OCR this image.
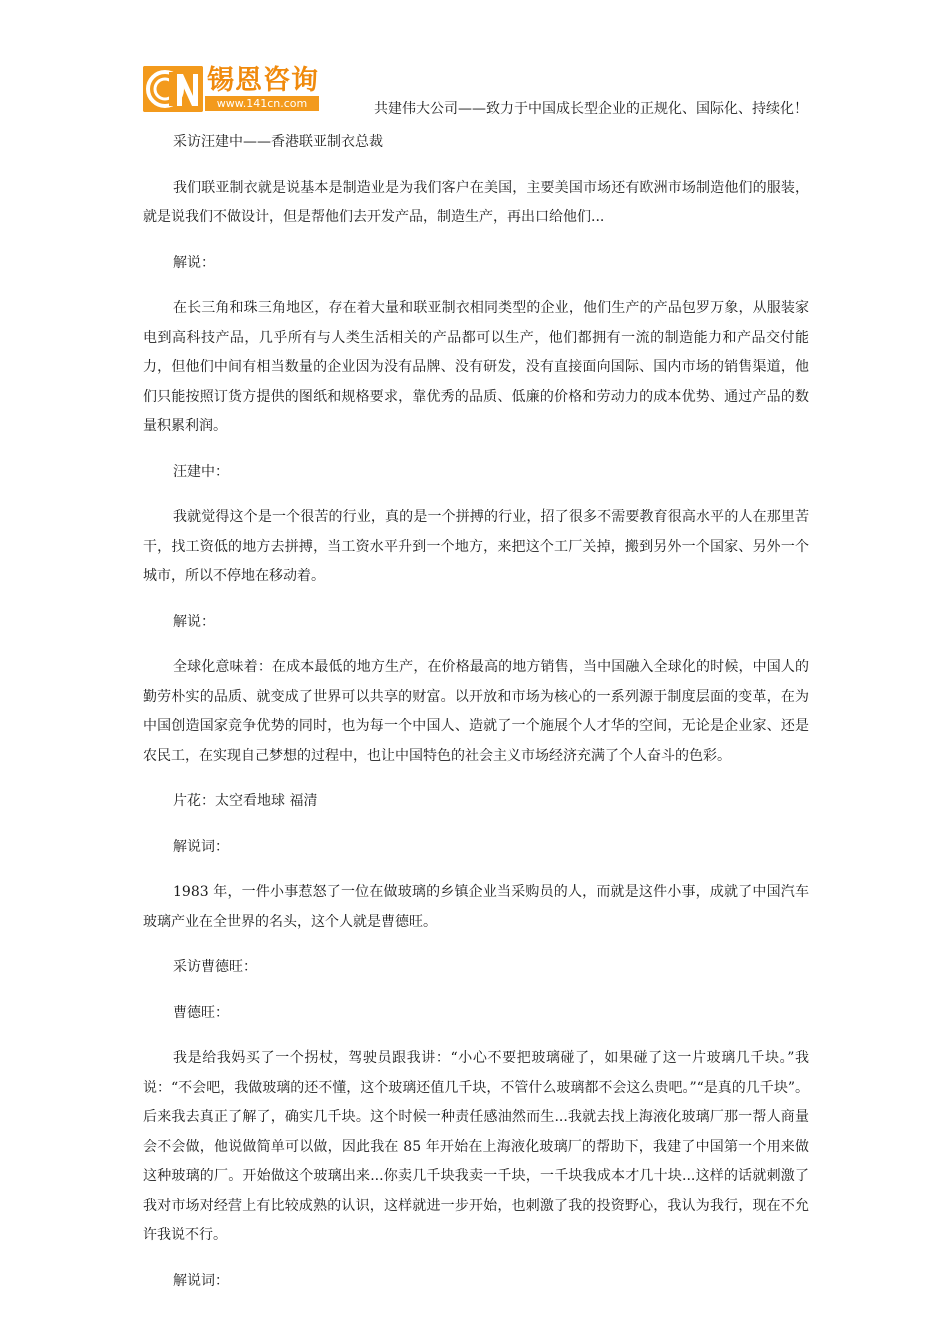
锡恩咨询
www.141cn.com	共建伟大公司——致力于中国成长型企业的正规化、国际化、持续化！

采访汪建中——香港联亚制衣总裁

我们联亚制衣就是说基本是制造业是为我们客户在美国，主要美国市场还有欧洲市场制造他们的服装，就是说我们不做设计，但是帮他们去开发产品，制造生产，再出口给他们...

解说：

在长三角和珠三角地区，存在着大量和联亚制衣相同类型的企业，他们生产的产品包罗万象，从服装家电到高科技产品，几乎所有与人类生活相关的产品都可以生产，他们都拥有一流的制造能力和产品交付能力，但他们中间有相当数量的企业因为没有品牌、没有研发，没有直接面向国际、国内市场的销售渠道，他们只能按照订货方提供的图纸和规格要求，靠优秀的品质、低廉的价格和劳动力的成本优势、通过产品的数量积累利润。

汪建中：

我就觉得这个是一个很苦的行业，真的是一个拼搏的行业，招了很多不需要教育很高水平的人在那里苦干，找工资低的地方去拼搏，当工资水平升到一个地方，来把这个工厂关掉，搬到另外一个国家、另外一个城市，所以不停地在移动着。

解说：

全球化意味着：在成本最低的地方生产，在价格最高的地方销售，当中国融入全球化的时候，中国人的勤劳朴实的品质、就变成了世界可以共享的财富。以开放和市场为核心的一系列源于制度层面的变革，在为中国创造国家竞争优势的同时，也为每一个中国人、造就了一个施展个人才华的空间，无论是企业家、还是农民工，在实现自己梦想的过程中，也让中国特色的社会主义市场经济充满了个人奋斗的色彩。

片花：太空看地球 福清

解说词：

1983 年，一件小事惹怒了一位在做玻璃的乡镇企业当采购员的人，而就是这件小事，成就了中国汽车玻璃产业在全世界的名头，这个人就是曹德旺。

采访曹德旺：

曹德旺：

我是给我妈买了一个拐杖，驾驶员跟我讲：“小心不要把玻璃碰了，如果碰了这一片玻璃几千块。”我说：“不会吧，我做玻璃的还不懂，这个玻璃还值几千块，不管什么玻璃都不会这么贵吧。”“是真的几千块”。后来我去真正了解了，确实几千块。这个时候一种责任感油然而生...我就去找上海液化玻璃厂那一帮人商量会不会做，他说做简单可以做，因此我在 85 年开始在上海液化玻璃厂的帮助下，我建了中国第一个用来做这种玻璃的厂。开始做这个玻璃出来...你卖几千块我卖一千块，一千块我成本才几十块...这样的话就刺激了我对市场对经营上有比较成熟的认识，这样就进一步开始，也刺激了我的投资野心，我认为我行，现在不允许我说不行。

解说词：
